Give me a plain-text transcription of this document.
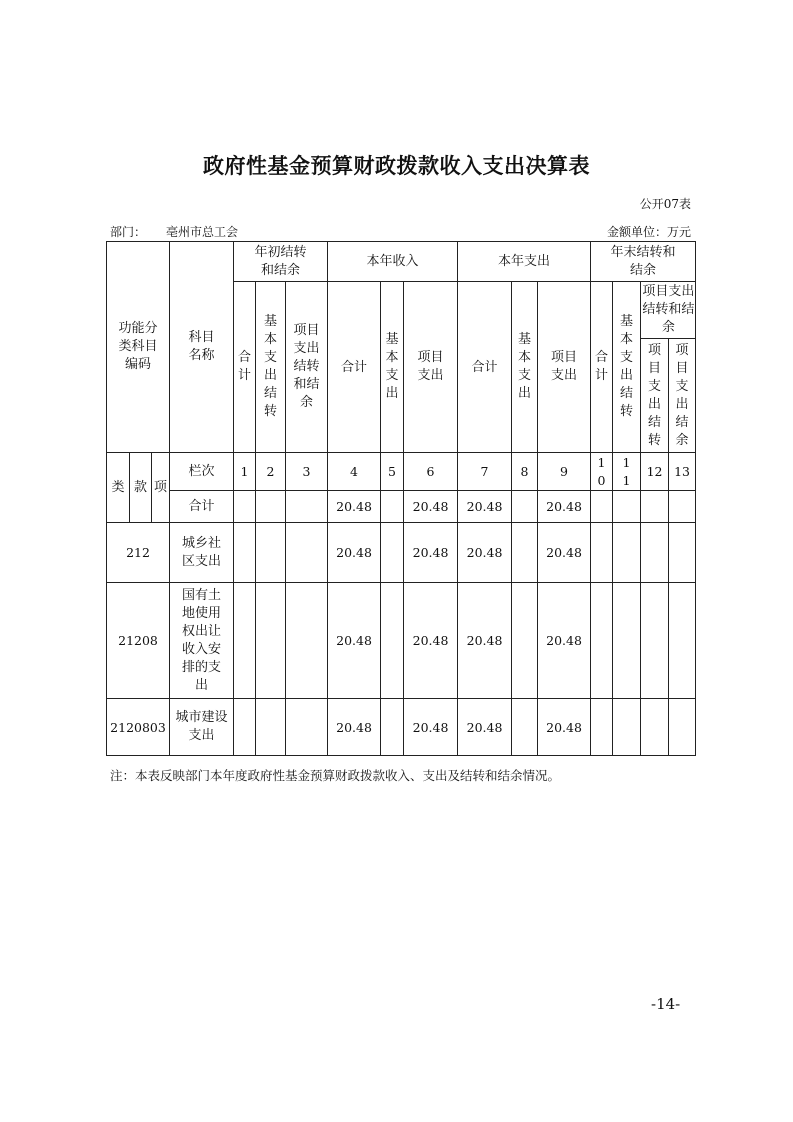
政府性基金预算财政拨款收入支出决算表
公开07表
部门： 亳州市总工会	金额单位：万元
功能分类科目编码			科目名称	年初结转和结余			本年收入			本年支出			年末结转和结余			
				合计	基本支出结转	项目支出结转和结余	合计	基本支出	项目支出	合计	基本支出	项目支出	合计	基本支出结转	项目支出结转和结余	
															项目支出结转	项目支出结余
类	款	项	栏次	1	2	3	4	5	6	7	8	9	10	11	12	13
			合计				20.48		20.48	20.48		20.48				
212			城乡社区支出				20.48		20.48	20.48		20.48				
21208			国有土地使用权出让收入安排的支出				20.48		20.48	20.48		20.48				
2120803			城市建设支出				20.48		20.48	20.48		20.48				
注：本表反映部门本年度政府性基金预算财政拨款收入、支出及结转和结余情况。
-14-
